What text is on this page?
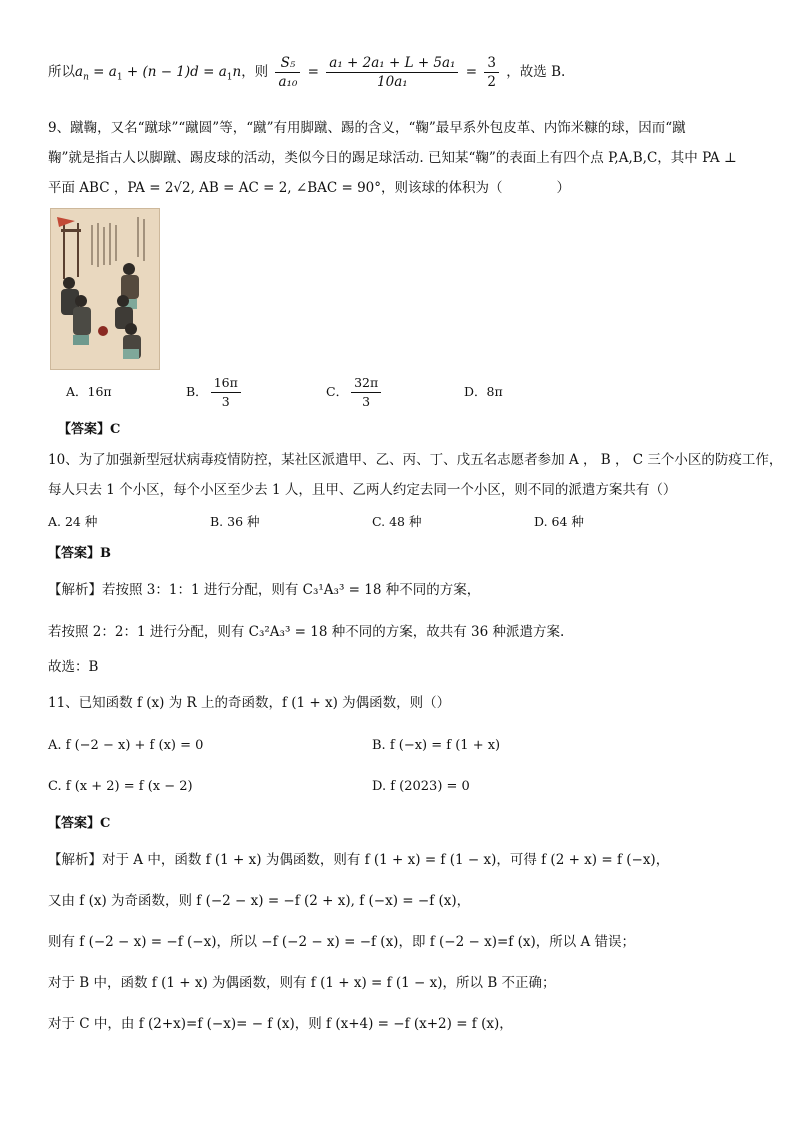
所以$a_n = a_1 + (n - 1)d = a_1n$，则 $\frac{\text{S₅}}{\text{a₁₀}} = \frac{\text{a₁ + 2a₁ + L + 5a₁}}{\text{10a₁}} = \frac{3}{2}$ ，故选 B.
9、蹴鞠，又名“蹴球”“蹴圆”等，“蹴”有用脚蹴、踢的含义，“鞠”最早系外包皮革、内饰米糠的球，因而“蹴
鞠”就是指古人以脚蹴、踢皮球的活动，类似今日的踢足球活动. 已知某“鞠”的表面上有四个点 P,A,B,C，其中 PA ⊥
平面 ABC ，PA = 2√2, AB = AC = 2, ∠BAC = 90°，则该球的体积为（　　　　）
A．16π	B． $\frac{16\pi}{3}$	C． $\frac{32\pi}{3}$	D．8π
【答案】C
10、为了加强新型冠状病毒疫情防控，某社区派遣甲、乙、丙、丁、戊五名志愿者参加 A ， B ， C 三个小区的防疫工作，
每人只去 1 个小区，每个小区至少去 1 人，且甲、乙两人约定去同一个小区，则不同的派遣方案共有（）
A. 24 种	B. 36 种	C. 48 种	D. 64 种
【答案】B
【解析】若按照 3：1：1 进行分配，则有 C₃¹A₃³ = 18 种不同的方案，
若按照 2：2：1 进行分配，则有 C₃²A₃³ = 18 种不同的方案，故共有 36 种派遣方案.
故选：B
11、已知函数 f (x) 为 R 上的奇函数，f (1 + x) 为偶函数，则（）
A. f (−2 − x) + f (x) = 0	B. f (−x) = f (1 + x)
C. f (x + 2) = f (x − 2)	D. f (2023) = 0
【答案】C
【解析】对于 A 中，函数 f (1 + x) 为偶函数，则有 f (1 + x) = f (1 − x)，可得 f (2 + x) = f (−x)，
又由 f (x) 为奇函数，则 f (−2 − x) = −f (2 + x), f (−x) = −f (x)，
则有 f (−2 − x) = −f (−x)，所以 −f (−2 − x) = −f (x)，即 f (−2 − x)=f (x)，所以 A 错误；
对于 B 中，函数 f (1 + x) 为偶函数，则有 f (1 + x) = f (1 − x)，所以 B 不正确；
对于 C 中，由 f (2+x)=f (−x)= − f (x)，则 f (x+4) = −f (x+2) = f (x)，
